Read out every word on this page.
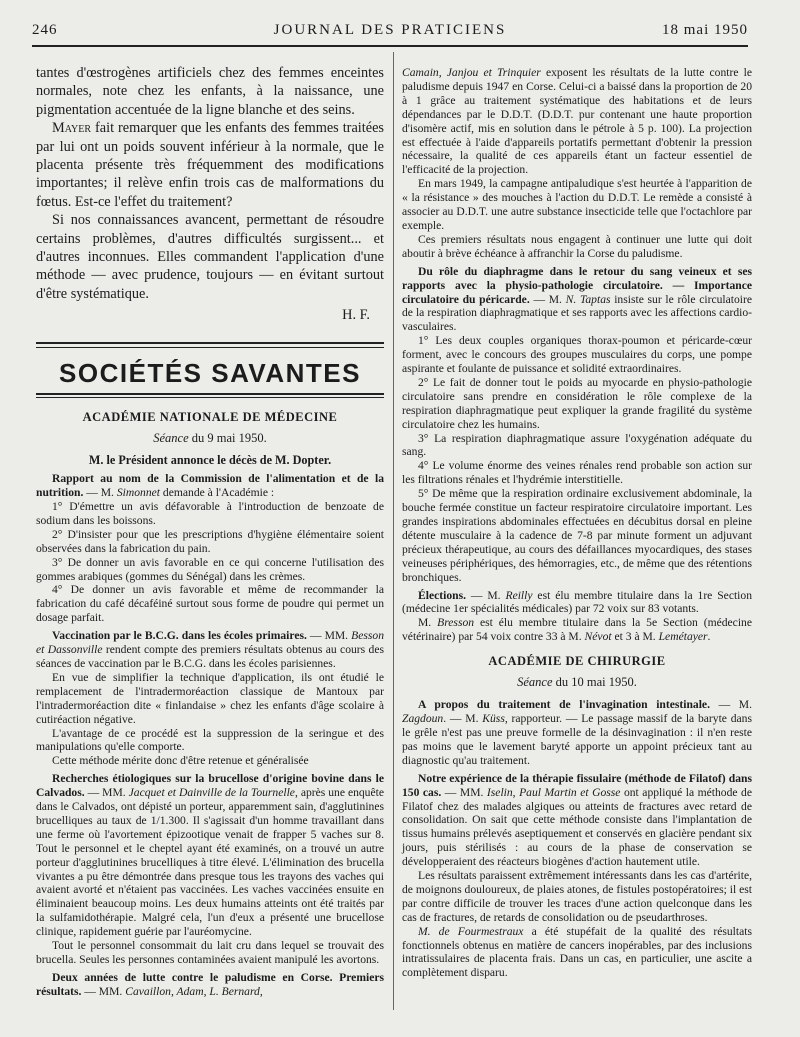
246	JOURNAL DES PRATICIENS	18 mai 1950

tantes d'œstrogènes artificiels chez des femmes enceintes normales, note chez les enfants, à la naissance, une pigmentation accentuée de la ligne blanche et des seins.

Mayer fait remarquer que les enfants des femmes traitées par lui ont un poids souvent inférieur à la normale, que le placenta présente très fréquemment des modifications importantes; il relève enfin trois cas de malformations du fœtus. Est-ce l'effet du traitement?

Si nos connaissances avancent, permettant de résoudre certains problèmes, d'autres difficultés surgissent... et d'autres inconnues. Elles commandent l'application d'une méthode — avec prudence, toujours — en évitant surtout d'être systématique.

H. F.
SOCIÉTÉS SAVANTES
ACADÉMIE NATIONALE DE MÉDECINE
Séance du 9 mai 1950.

M. le Président annonce le décès de M. Dopter.

Rapport au nom de la Commission de l'alimentation et de la nutrition. — M. Simonnet demande à l'Académie :

1° D'émettre un avis défavorable à l'introduction de benzoate de sodium dans les boissons.

2° D'insister pour que les prescriptions d'hygiène élémentaire soient observées dans la fabrication du pain.

3° De donner un avis favorable en ce qui concerne l'utilisation des gommes arabiques (gommes du Sénégal) dans les crèmes.

4° De donner un avis favorable et même de recommander la fabrication du café décaféiné surtout sous forme de poudre qui permet un dosage parfait.

Vaccination par le B.C.G. dans les écoles primaires. — MM. Besson et Dassonville rendent compte des premiers résultats obtenus au cours des séances de vaccination par le B.C.G. dans les écoles parisiennes.

En vue de simplifier la technique d'application, ils ont étudié le remplacement de l'intradermoréaction classique de Mantoux par l'intradermoréaction dite « finlandaise » chez les enfants d'âge scolaire à cutiréaction négative.

L'avantage de ce procédé est la suppression de la seringue et des manipulations qu'elle comporte.

Cette méthode mérite donc d'être retenue et généralisée

Recherches étiologiques sur la brucellose d'origine bovine dans le Calvados. — MM. Jacquet et Dainville de la Tournelle, après une enquête dans le Calvados, ont dépisté un porteur, apparemment sain, d'agglutinines brucelliques au taux de 1/1.300. Il s'agissait d'un homme travaillant dans une ferme où l'avortement épizootique venait de frapper 5 vaches sur 8. Tout le personnel et le cheptel ayant été examinés, on a trouvé un autre porteur d'agglutinines brucelliques à titre élevé. L'élimination des brucella vivantes a pu être démontrée dans presque tous les trayons des vaches qui avaient avorté et n'étaient pas vaccinées. Les vaches vaccinées ensuite en éliminaient beaucoup moins. Les deux humains atteints ont été traités par la sulfamidothérapie. Malgré cela, l'un d'eux a présenté une brucellose clinique, rapidement guérie par l'auréomycine.

Tout le personnel consommait du lait cru dans lequel se trouvait des brucella. Seules les personnes contaminées avaient manipulé les avortons.

Deux années de lutte contre le paludisme en Corse. Premiers résultats. — MM. Cavaillon, Adam, L. Bernard,

Camain, Janjou et Trinquier exposent les résultats de la lutte contre le paludisme depuis 1947 en Corse. Celui-ci a baissé dans la proportion de 20 à 1 grâce au traitement systématique des habitations et de leurs dépendances par le D.D.T. (D.D.T. pur contenant une haute proportion d'isomère actif, mis en solution dans le pétrole à 5 p. 100). La projection est effectuée à l'aide d'appareils portatifs permettant d'obtenir la pression nécessaire, la qualité de ces appareils étant un facteur essentiel de l'efficacité de la projection.

En mars 1949, la campagne antipaludique s'est heurtée à l'apparition de « la résistance » des mouches à l'action du D.D.T. Le remède a consisté à associer au D.D.T. une autre substance insecticide telle que l'octachlore par exemple.

Ces premiers résultats nous engagent à continuer une lutte qui doit aboutir à brève échéance à affranchir la Corse du paludisme.

Du rôle du diaphragme dans le retour du sang veineux et ses rapports avec la physio-pathologie circulatoire. — Importance circulatoire du péricarde. — M. N. Taptas insiste sur le rôle circulatoire de la respiration diaphragmatique et ses rapports avec les affections cardio-vasculaires.

1° Les deux couples organiques thorax-poumon et péricarde-cœur forment, avec le concours des groupes musculaires du corps, une pompe aspirante et foulante de puissance et solidité extraordinaires.

2° Le fait de donner tout le poids au myocarde en physio-pathologie circulatoire sans prendre en considération le rôle complexe de la respiration diaphragmatique peut expliquer la grande fragilité du système circulatoire chez les humains.

3° La respiration diaphragmatique assure l'oxygénation adéquate du sang.

4° Le volume énorme des veines rénales rend probable son action sur les filtrations rénales et l'hydrémie interstitielle.

5° De même que la respiration ordinaire exclusivement abdominale, la bouche fermée constitue un facteur respiratoire circulatoire important. Les grandes inspirations abdominales effectuées en décubitus dorsal en pleine détente musculaire à la cadence de 7-8 par minute forment un adjuvant précieux thérapeutique, au cours des défaillances myocardiques, des stases veineuses périphériques, des hémorragies, etc., de même que des rétentions bronchiques.

Élections. — M. Reilly est élu membre titulaire dans la 1re Section (médecine 1er spécialités médicales) par 72 voix sur 83 votants.

M. Bresson est élu membre titulaire dans la 5e Section (médecine vétérinaire) par 54 voix contre 33 à M. Névot et 3 à M. Lemétayer.

ACADÉMIE DE CHIRURGIE
Séance du 10 mai 1950.

A propos du traitement de l'invagination intestinale. — M. Zagdoun. — M. Küss, rapporteur. — Le passage massif de la baryte dans le grêle n'est pas une preuve formelle de la désinvagination : il n'en reste pas moins que le lavement baryté apporte un appoint précieux tant au diagnostic qu'au traitement.

Notre expérience de la thérapie fissulaire (méthode de Filatof) dans 150 cas. — MM. Iselin, Paul Martin et Gosse ont appliqué la méthode de Filatof chez des malades algiques ou atteints de fractures avec retard de consolidation. On sait que cette méthode consiste dans l'implantation de tissus humains prélevés aseptiquement et conservés en glacière pendant six jours, puis stérilisés : au cours de la phase de conservation se développeraient des réacteurs biogènes d'action hautement utile.

Les résultats paraissent extrêmement intéressants dans les cas d'artérite, de moignons douloureux, de plaies atones, de fistules postopératoires; il est par contre difficile de trouver les traces d'une action quelconque dans les cas de fractures, de retards de consolidation ou de pseudarthroses.

M. de Fourmestraux a été stupéfait de la qualité des résultats fonctionnels obtenus en matière de cancers inopérables, par des inclusions intratissulaires de placenta frais. Dans un cas, en particulier, une ascite a complètement disparu.
